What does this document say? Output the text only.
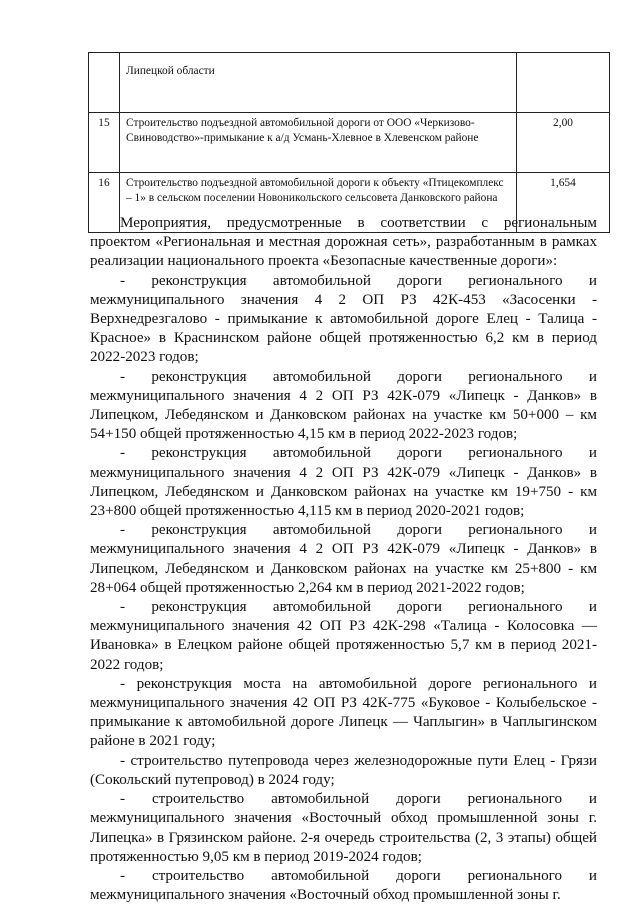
	Липецкой области	
15	Строительство подъездной автомобильной дороги от ООО «Черкизово-Свиноводство»-примыкание к а/д Усмань-Хлевное в Хлевенском районе	2,00
16	Строительство подъездной автомобильной дороги к объекту «Птицекомплекс – 1» в сельском поселении Новоникольского сельсовета Данковского района	1,654

Мероприятия, предусмотренные в соответствии с региональным проектом «Региональная и местная дорожная сеть», разработанным в рамках реализации национального проекта «Безопасные качественные дороги»:

- реконструкция автомобильной дороги регионального и межмуниципального значения 4 2 ОП РЗ 42К-453 «Засосенки - Верхнедрезгалово - примыкание к автомобильной дороге Елец - Талица - Красное» в Краснинском районе общей протяженностью 6,2 км в период 2022-2023 годов;

- реконструкция автомобильной дороги регионального и межмуниципального значения 4 2 ОП РЗ 42К-079 «Липецк - Данков» в Липецком, Лебедянском и Данковском районах на участке км 50+000 – км 54+150 общей протяженностью 4,15 км в период 2022-2023 годов;

- реконструкция автомобильной дороги регионального и межмуниципального значения 4 2 ОП РЗ 42К-079 «Липецк - Данков» в Липецком, Лебедянском и Данковском районах на участке км 19+750 - км 23+800 общей протяженностью 4,115 км в период 2020-2021 годов;

- реконструкция автомобильной дороги регионального и межмуниципального значения 4 2 ОП РЗ 42К-079 «Липецк - Данков» в Липецком, Лебедянском и Данковском районах на участке км 25+800 - км 28+064 общей протяженностью 2,264 км в период 2021-2022 годов;

- реконструкция автомобильной дороги регионального и межмуниципального значения 42 ОП РЗ 42К-298 «Талица - Колосовка — Ивановка» в Елецком районе общей протяженностью 5,7 км в период 2021-2022 годов;

- реконструкция моста на автомобильной дороге регионального и межмуниципального значения 42 ОП РЗ 42К-775 «Буковое - Колыбельское - примыкание к автомобильной дороге Липецк — Чаплыгин» в Чаплыгинском районе в 2021 году;

- строительство путепровода через железнодорожные пути Елец - Грязи (Сокольский путепровод) в 2024 году;

- строительство автомобильной дороги регионального и межмуниципального значения «Восточный обход промышленной зоны г. Липецка» в Грязинском районе. 2-я очередь строительства (2, 3 этапы) общей протяженностью 9,05 км в период 2019-2024 годов;

- строительство автомобильной дороги регионального и межмуниципального значения «Восточный обход промышленной зоны г.
